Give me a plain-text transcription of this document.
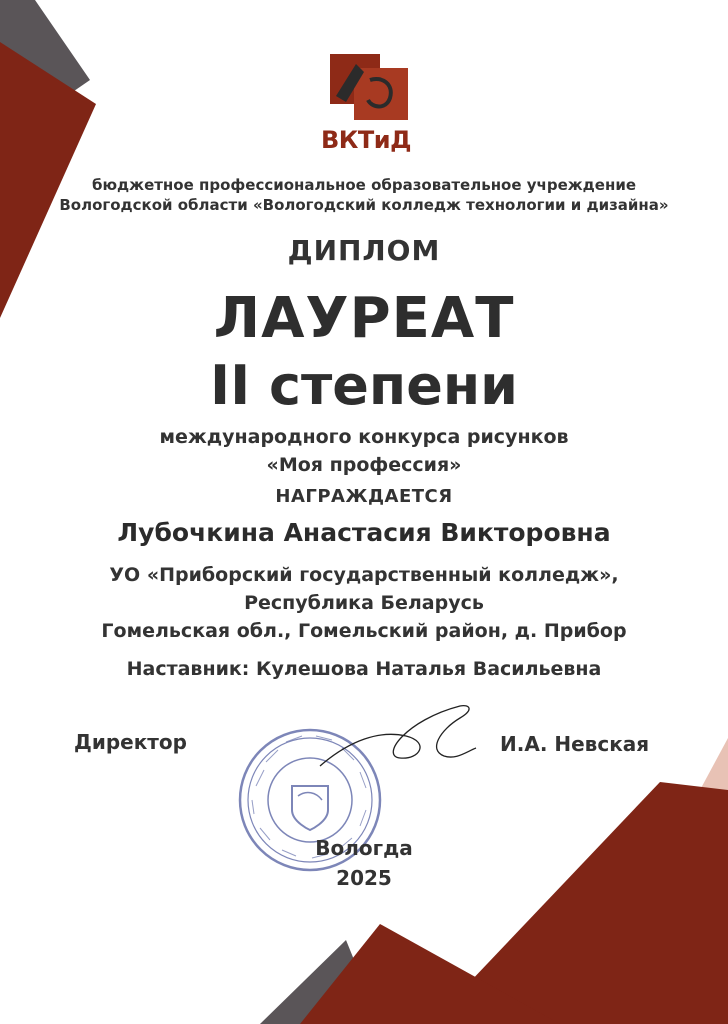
ВКТиД
бюджетное профессиональное образовательное учреждение
Вологодской области «Вологодский колледж технологии и дизайна»
ДИПЛОМ
ЛАУРЕАТ
II степени
международного конкурса рисунков
«Моя профессия»
НАГРАЖДАЕТСЯ
Лубочкина Анастасия Викторовна
УО «Приборский государственный колледж»,
Республика Беларусь
Гомельская обл., Гомельский район, д. Прибор
Наставник: Кулешова Наталья Васильевна
Директор	И.А. Невская
Вологда
2025
